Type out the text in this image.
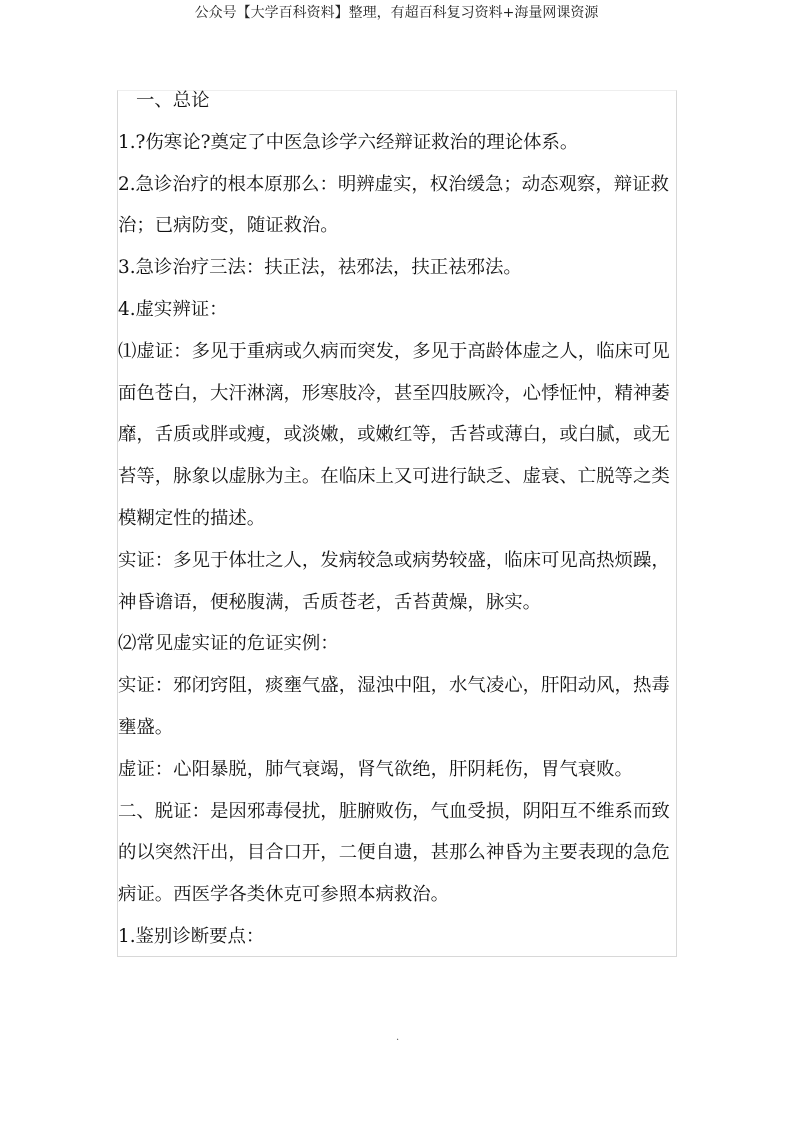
公众号【大学百科资料】整理，有超百科复习资料+海量网课资源
一、总论
1.?伤寒论?奠定了中医急诊学六经辩证救治的理论体系。
2.急诊治疗的根本原那么：明辨虚实，权治缓急；动态观察，辩证救
治；已病防变，随证救治。
3.急诊治疗三法：扶正法，祛邪法，扶正祛邪法。
4.虚实辨证：
⑴虚证：多见于重病或久病而突发，多见于高龄体虚之人，临床可见
面色苍白，大汗淋漓，形寒肢冷，甚至四肢厥冷，心悸怔忡，精神萎
靡，舌质或胖或瘦，或淡嫩，或嫩红等，舌苔或薄白，或白腻，或无
苔等，脉象以虚脉为主。在临床上又可进行缺乏、虚衰、亡脱等之类
模糊定性的描述。
实证：多见于体壮之人，发病较急或病势较盛，临床可见高热烦躁，
神昏谵语，便秘腹满，舌质苍老，舌苔黄燥，脉实。
⑵常见虚实证的危证实例：
实证：邪闭窍阻，痰壅气盛，湿浊中阻，水气凌心，肝阳动风，热毒
壅盛。
虚证：心阳暴脱，肺气衰竭，肾气欲绝，肝阴耗伤，胃气衰败。
二、脱证：是因邪毒侵扰，脏腑败伤，气血受损，阴阳互不维系而致
的以突然汗出，目合口开，二便自遗，甚那么神昏为主要表现的急危
病证。西医学各类休克可参照本病救治。
1.鉴别诊断要点：
.
